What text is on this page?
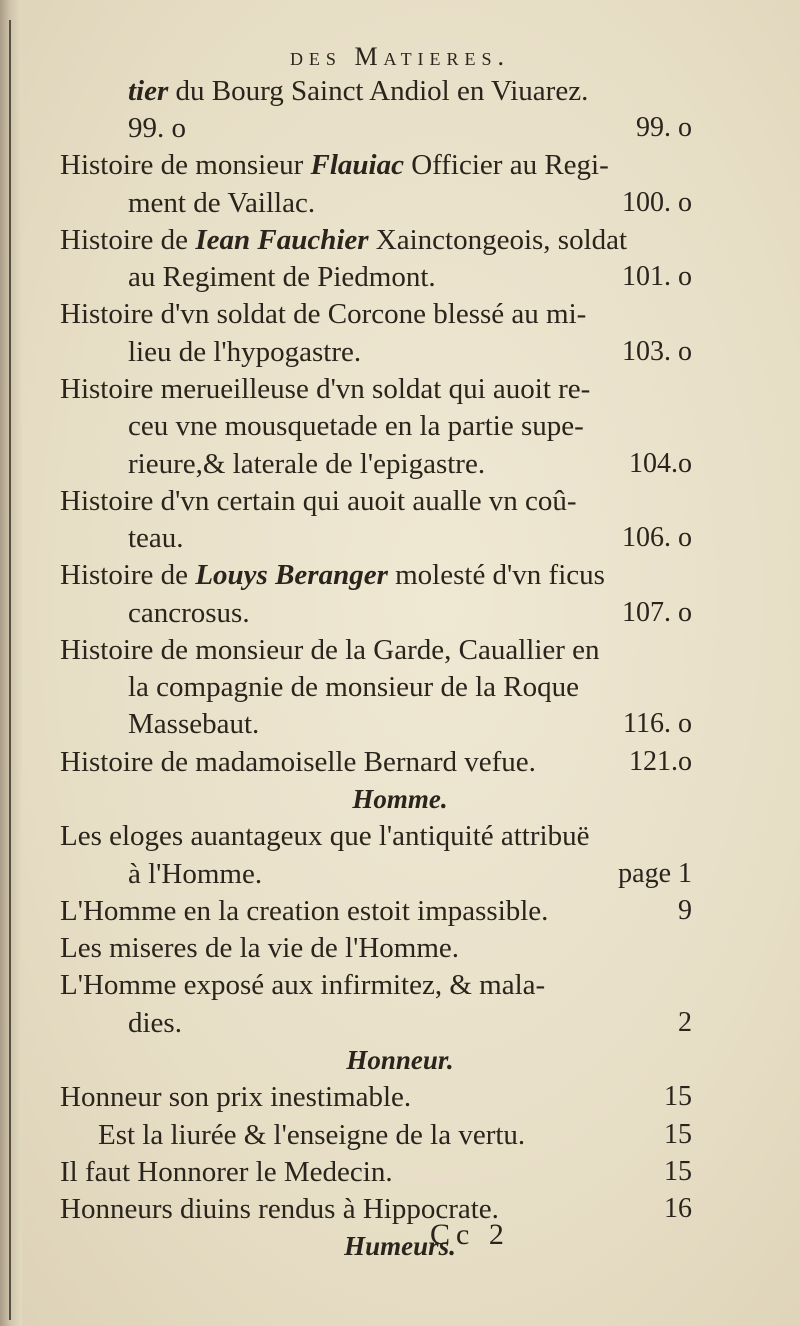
des Matieres.
tier du Bourg Sainct Andiol en Viuarez.
99. o	99. o
Histoire de monsieur Flauiac Officier au Regi-
ment de Vaillac.	100. o
Histoire de Iean Fauchier Xainctongeois, soldat
au Regiment de Piedmont.	101. o
Histoire d'vn soldat de Corcone blessé au mi-
lieu de l'hypogastre.	103. o
Histoire merueilleuse d'vn soldat qui auoit re-
ceu vne mousquetade en la partie supe-
rieure,& laterale de l'epigastre.	104.o
Histoire d'vn certain qui auoit aualle vn coû-
teau.	106. o
Histoire de Louys Beranger molesté d'vn ficus
cancrosus.	107. o
Histoire de monsieur de la Garde, Cauallier en
la compagnie de monsieur de la Roque
Massebaut.	116. o
Histoire de madamoiselle Bernard vefue.	121.o
Homme.
Les eloges auantageux que l'antiquité attribuë
à l'Homme.	page 1
L'Homme en la creation estoit impassible.	9
Les miseres de la vie de l'Homme.
L'Homme exposé aux infirmitez, & mala-
dies.	2
Honneur.
Honneur son prix inestimable.	15
Est la liurée & l'enseigne de la vertu.	15
Il faut Honnorer le Medecin.	15
Honneurs diuins rendus à Hippocrate.	16
Humeurs.
Cc 2
